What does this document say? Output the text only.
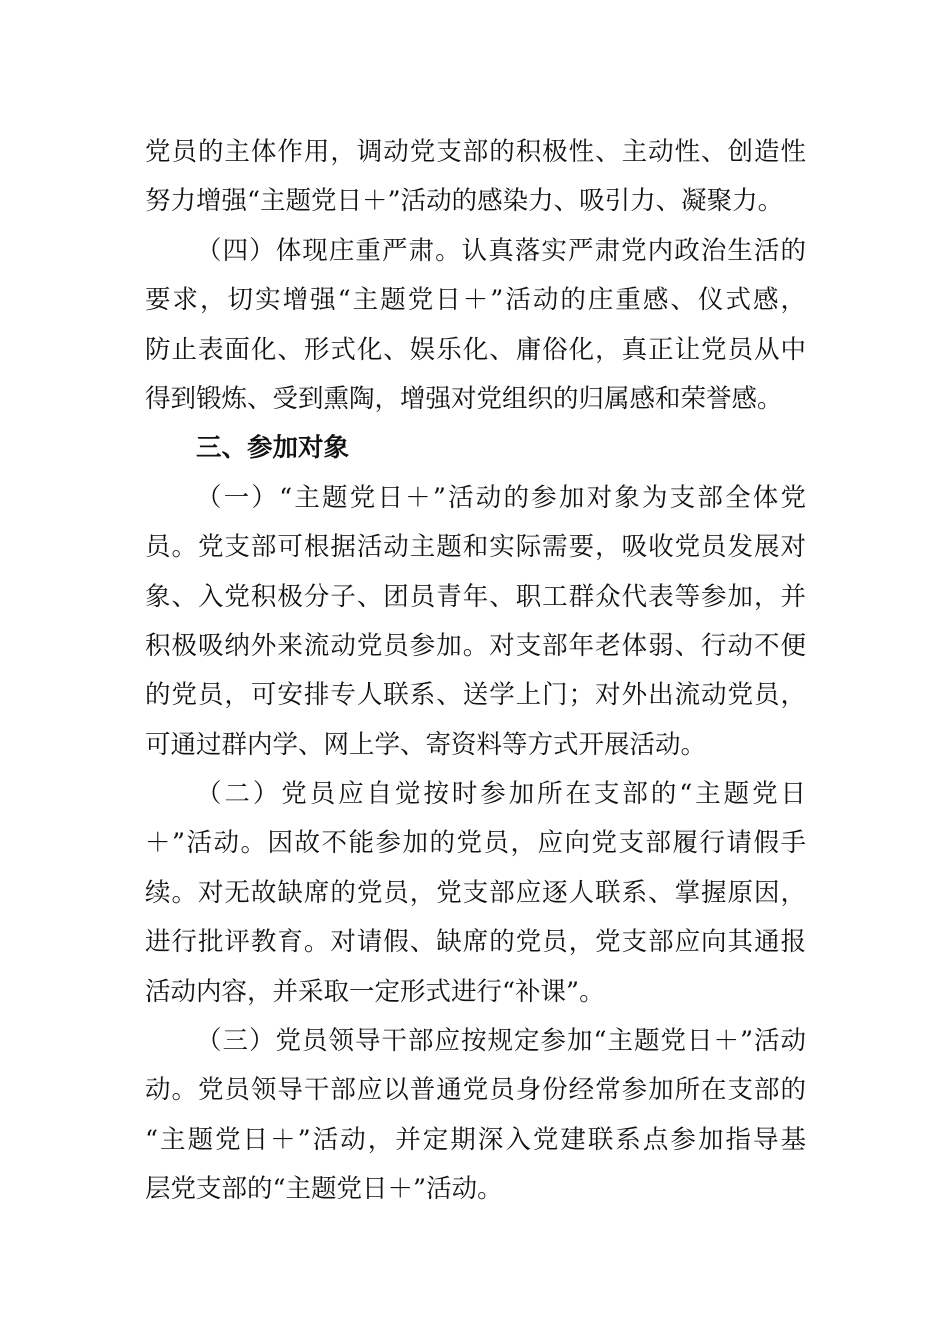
党员的主体作用，调动党支部的积极性、主动性、创造性
努力增强“主题党日＋”活动的感染力、吸引力、凝聚力。
（四）体现庄重严肃。认真落实严肃党内政治生活的
要求，切实增强“主题党日＋”活动的庄重感、仪式感，
防止表面化、形式化、娱乐化、庸俗化，真正让党员从中
得到锻炼、受到熏陶，增强对党组织的归属感和荣誉感。
三、参加对象
（一）“主题党日＋”活动的参加对象为支部全体党
员。党支部可根据活动主题和实际需要，吸收党员发展对
象、入党积极分子、团员青年、职工群众代表等参加，并
积极吸纳外来流动党员参加。对支部年老体弱、行动不便
的党员，可安排专人联系、送学上门；对外出流动党员，
可通过群内学、网上学、寄资料等方式开展活动。
（二）党员应自觉按时参加所在支部的“主题党日
＋”活动。因故不能参加的党员，应向党支部履行请假手
续。对无故缺席的党员，党支部应逐人联系、掌握原因，
进行批评教育。对请假、缺席的党员，党支部应向其通报
活动内容，并采取一定形式进行“补课”。
（三）党员领导干部应按规定参加“主题党日＋”活动
动。党员领导干部应以普通党员身份经常参加所在支部的
“主题党日＋”活动，并定期深入党建联系点参加指导基
层党支部的“主题党日＋”活动。
